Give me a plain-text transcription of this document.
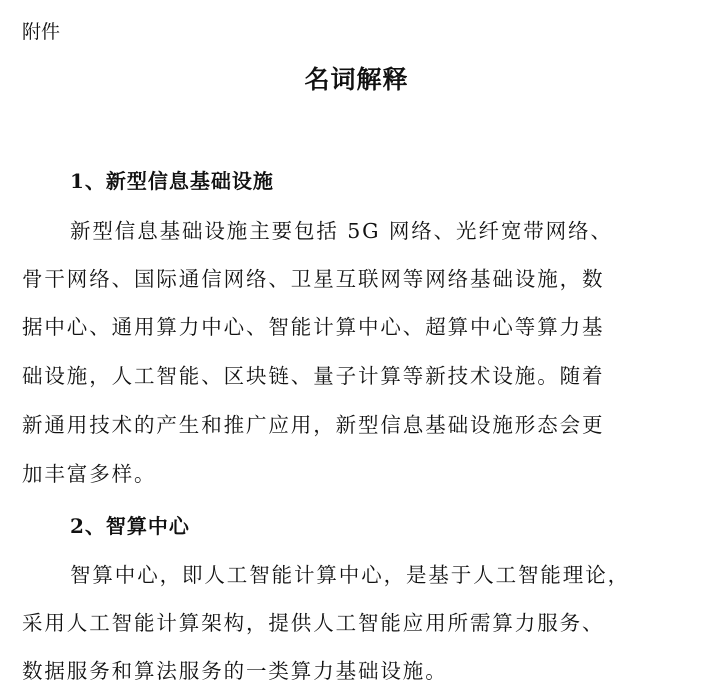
附件
名词解释
1、新型信息基础设施
新型信息基础设施主要包括 5G 网络、光纤宽带网络、
骨干网络、国际通信网络、卫星互联网等网络基础设施，数
据中心、通用算力中心、智能计算中心、超算中心等算力基
础设施，人工智能、区块链、量子计算等新技术设施。随着
新通用技术的产生和推广应用，新型信息基础设施形态会更
加丰富多样。
2、智算中心
智算中心，即人工智能计算中心，是基于人工智能理论，
采用人工智能计算架构，提供人工智能应用所需算力服务、
数据服务和算法服务的一类算力基础设施。
